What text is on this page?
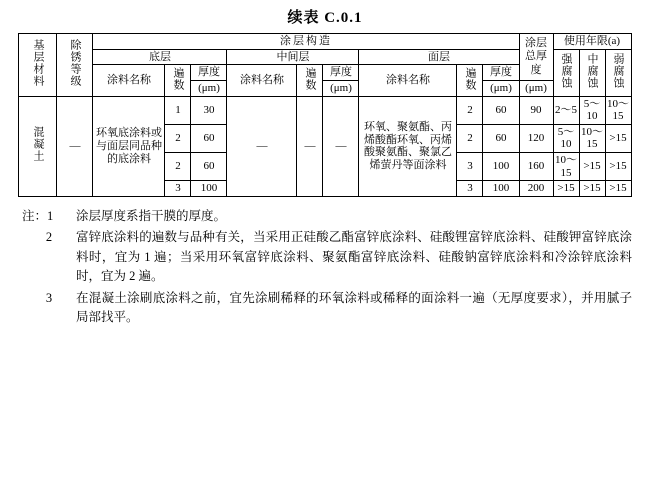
续表 C.0.1
基层材料	除锈等级	涂层构造									涂层总厚度	使用年限(a)		
		底层			中间层			面层				强腐蚀	中腐蚀	弱腐蚀
		涂料名称	遍数	厚度	涂料名称	遍数	厚度	涂料名称	遍数	厚度				
				(μm)			(μm)			(μm)	(μm)			
混凝土	—	环氧底涂料或与面层同品种的底涂料	1	30	—	—	—	环氧、聚氨酯、丙烯酸酯环氧、丙烯酸聚氨酯、聚氯乙烯萤丹等面涂料	2	60	90	2～5	5～10	10～15
			2	60					2	60	120	5～10	10～15	>15
			2	60					3	100	160	10～15	>15	>15
			3	100					3	100	200	>15	>15	>15
注：1	涂层厚度系指干膜的厚度。
2	富锌底涂料的遍数与品种有关，当采用正硅酸乙酯富锌底涂料、硅酸锂富锌底涂料、硅酸钾富锌底涂料时，宜为 1 遍；当采用环氧富锌底涂料、聚氨酯富锌底涂料、硅酸钠富锌底涂料和冷涂锌底涂料时，宜为 2 遍。
3	在混凝土涂刷底涂料之前，宜先涂刷稀释的环氧涂料或稀释的面涂料一遍（无厚度要求），并用腻子局部找平。
